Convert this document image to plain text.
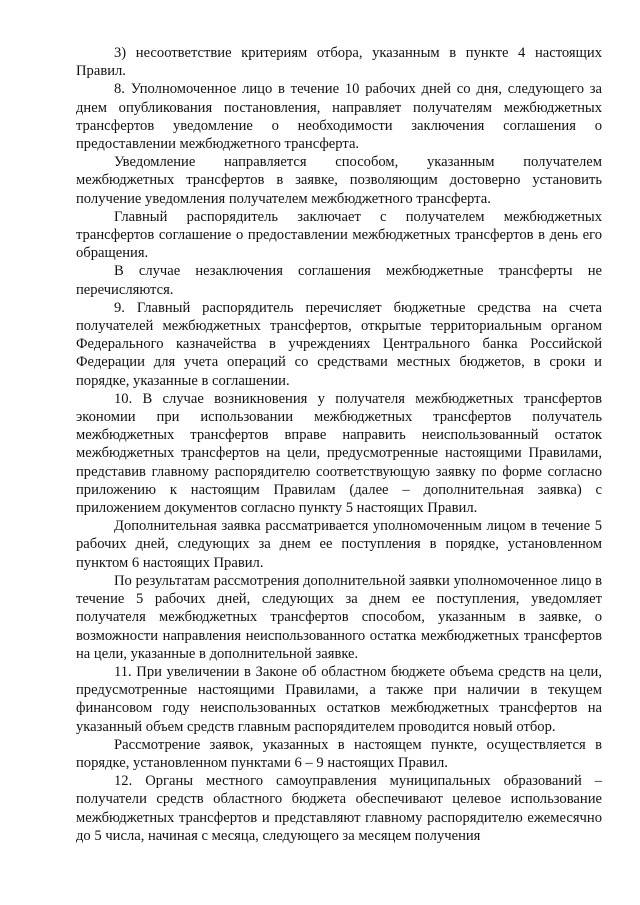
3) несоответствие критериям отбора, указанным в пункте 4 настоящих Правил.

8. Уполномоченное лицо в течение 10 рабочих дней со дня, следующего за днем опубликования постановления, направляет получателям межбюджетных трансфертов уведомление о необходимости заключения соглашения о предоставлении межбюджетного трансферта.

Уведомление направляется способом, указанным получателем межбюджетных трансфертов в заявке, позволяющим достоверно установить получение уведомления получателем межбюджетного трансферта.

Главный распорядитель заключает с получателем межбюджетных трансфертов соглашение о предоставлении межбюджетных трансфертов в день его обращения.

В случае незаключения соглашения межбюджетные трансферты не перечисляются.

9. Главный распорядитель перечисляет бюджетные средства на счета получателей межбюджетных трансфертов, открытые территориальным органом Федерального казначейства в учреждениях Центрального банка Российской Федерации для учета операций со средствами местных бюджетов, в сроки и порядке, указанные в соглашении.

10. В случае возникновения у получателя межбюджетных трансфертов экономии при использовании межбюджетных трансфертов получатель межбюджетных трансфертов вправе направить неиспользованный остаток межбюджетных трансфертов на цели, предусмотренные настоящими Правилами, представив главному распорядителю соответствующую заявку по форме согласно приложению к настоящим Правилам (далее – дополнительная заявка) с приложением документов согласно пункту 5 настоящих Правил.

Дополнительная заявка рассматривается уполномоченным лицом в течение 5 рабочих дней, следующих за днем ее поступления в порядке, установленном пунктом 6 настоящих Правил.

По результатам рассмотрения дополнительной заявки уполномоченное лицо в течение 5 рабочих дней, следующих за днем ее поступления, уведомляет получателя межбюджетных трансфертов способом, указанным в заявке, о возможности направления неиспользованного остатка межбюджетных трансфертов на цели, указанные в дополнительной заявке.

11. При увеличении в Законе об областном бюджете объема средств на цели, предусмотренные настоящими Правилами, а также при наличии в текущем финансовом году неиспользованных остатков межбюджетных трансфертов на указанный объем средств главным распорядителем проводится новый отбор.

Рассмотрение заявок, указанных в настоящем пункте, осуществляется в порядке, установленном пунктами 6 – 9 настоящих Правил.

12. Органы местного самоуправления муниципальных образований – получатели средств областного бюджета обеспечивают целевое использование межбюджетных трансфертов и представляют главному распорядителю ежемесячно до 5 числа, начиная с месяца, следующего за месяцем получения
